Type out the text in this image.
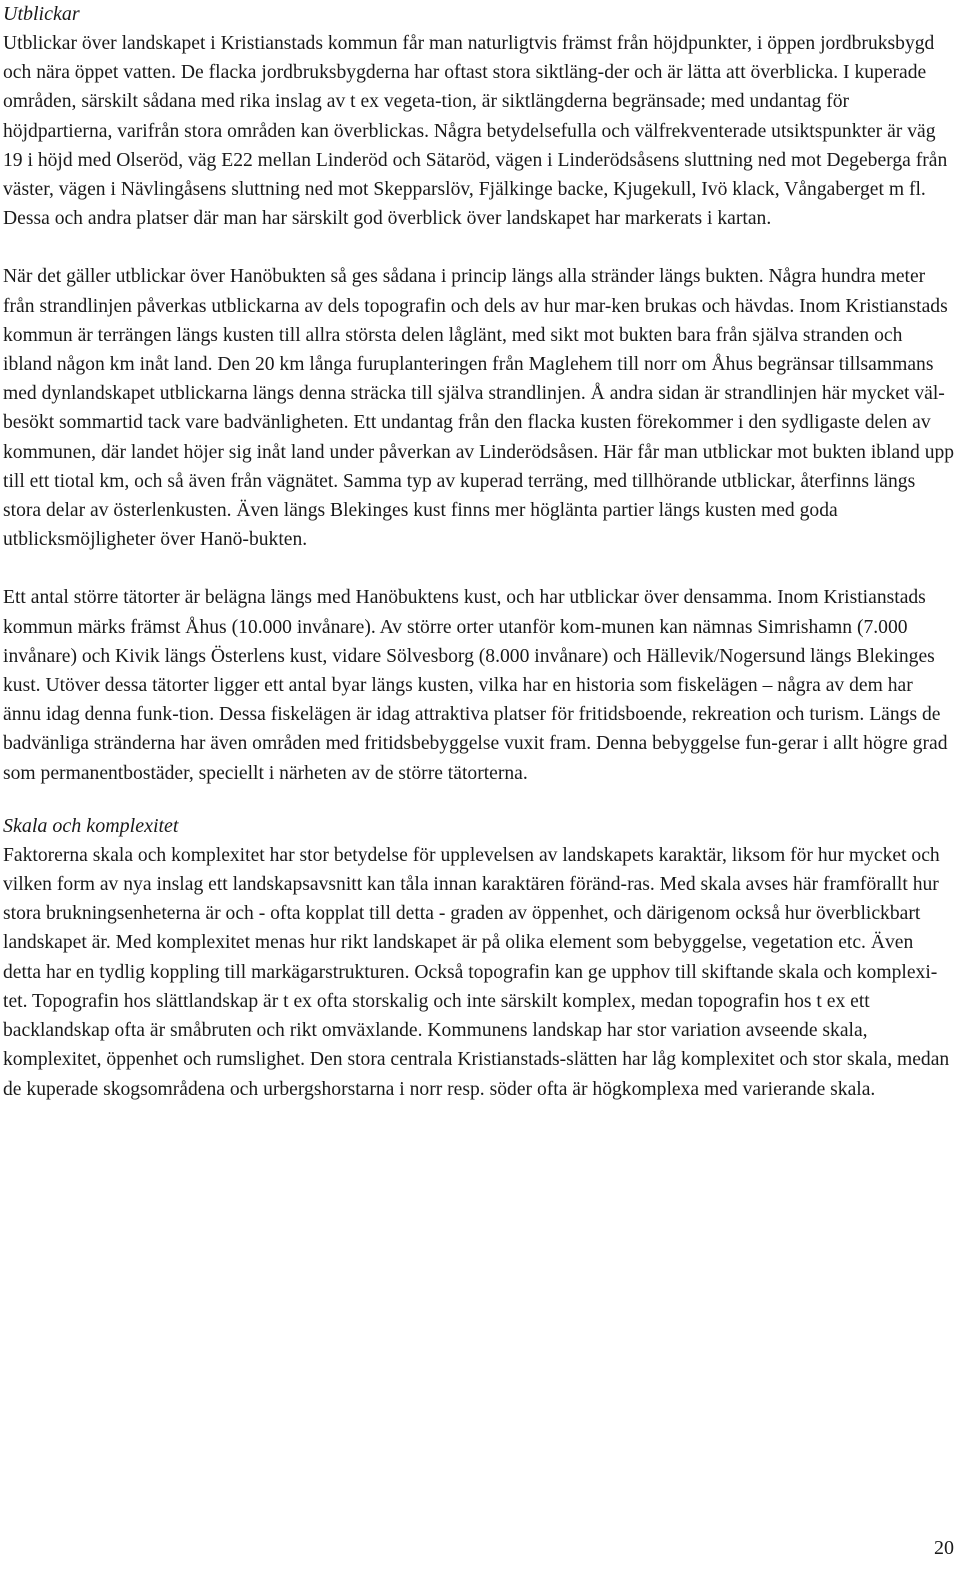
Utblickar

Utblickar över landskapet i Kristianstads kommun får man naturligtvis främst från höjdpunkter, i öppen jordbruksbygd och nära öppet vatten. De flacka jordbruksbygderna har oftast stora siktläng-der och är lätta att överblicka. I kuperade områden, särskilt sådana med rika inslag av t ex vegeta-tion, är siktlängderna begränsade; med undantag för höjdpartierna, varifrån stora områden kan överblickas. Några betydelsefulla och välfrekventerade utsiktspunkter är väg 19 i höjd med Olseröd, väg E22 mellan Linderöd och Sätaröd, vägen i Linderödsåsens sluttning ned mot Degeberga från väster, vägen i Nävlingåsens sluttning ned mot Skepparslöv, Fjälkinge backe, Kjugekull, Ivö klack, Vångaberget m fl. Dessa och andra platser där man har särskilt god överblick över landskapet har markerats i kartan.

När det gäller utblickar över Hanöbukten så ges sådana i princip längs alla stränder längs bukten. Några hundra meter från strandlinjen påverkas utblickarna av dels topografin och dels av hur mar-ken brukas och hävdas. Inom Kristianstads kommun är terrängen längs kusten till allra största delen låglänt, med sikt mot bukten bara från själva stranden och ibland någon km inåt land. Den 20 km långa furuplanteringen från Maglehem till norr om Åhus begränsar tillsammans med dynlandskapet utblickarna längs denna sträcka till själva strandlinjen. Å andra sidan är strandlinjen här mycket väl-besökt sommartid tack vare badvänligheten. Ett undantag från den flacka kusten förekommer i den sydligaste delen av kommunen, där landet höjer sig inåt land under påverkan av Linderödsåsen. Här får man utblickar mot bukten ibland upp till ett tiotal km, och så även från vägnätet. Samma typ av kuperad terräng, med tillhörande utblickar, återfinns längs stora delar av österlenkusten. Även längs Blekinges kust finns mer höglänta partier längs kusten med goda utblicksmöjligheter över Hanö-bukten.

Ett antal större tätorter är belägna längs med Hanöbuktens kust, och har utblickar över densamma. Inom Kristianstads kommun märks främst Åhus (10.000 invånare). Av större orter utanför kom-munen kan nämnas Simrishamn (7.000 invånare) och Kivik längs Österlens kust, vidare Sölvesborg (8.000 invånare) och Hällevik/Nogersund längs Blekinges kust. Utöver dessa tätorter ligger ett antal byar längs kusten, vilka har en historia som fiskelägen – några av dem har ännu idag denna funk-tion. Dessa fiskelägen är idag attraktiva platser för fritidsboende, rekreation och turism. Längs de badvänliga stränderna har även områden med fritidsbebyggelse vuxit fram. Denna bebyggelse fun-gerar i allt högre grad som permanentbostäder, speciellt i närheten av de större tätorterna.

Skala och komplexitet

Faktorerna skala och komplexitet har stor betydelse för upplevelsen av landskapets karaktär, liksom för hur mycket och vilken form av nya inslag ett landskapsavsnitt kan tåla innan karaktären föränd-ras. Med skala avses här framförallt hur stora brukningsenheterna är och - ofta kopplat till detta - graden av öppenhet, och därigenom också hur överblickbart landskapet är. Med komplexitet menas hur rikt landskapet är på olika element som bebyggelse, vegetation etc. Även detta har en tydlig koppling till markägarstrukturen. Också topografin kan ge upphov till skiftande skala och komplexi-tet. Topografin hos slättlandskap är t ex ofta storskalig och inte särskilt komplex, medan topografin hos t ex ett backlandskap ofta är småbruten och rikt omväxlande. Kommunens landskap har stor variation avseende skala, komplexitet, öppenhet och rumslighet. Den stora centrala Kristianstads-slätten har låg komplexitet och stor skala, medan de kuperade skogsområdena och urbergshorstarna i norr resp. söder ofta är högkomplexa med varierande skala.

20
